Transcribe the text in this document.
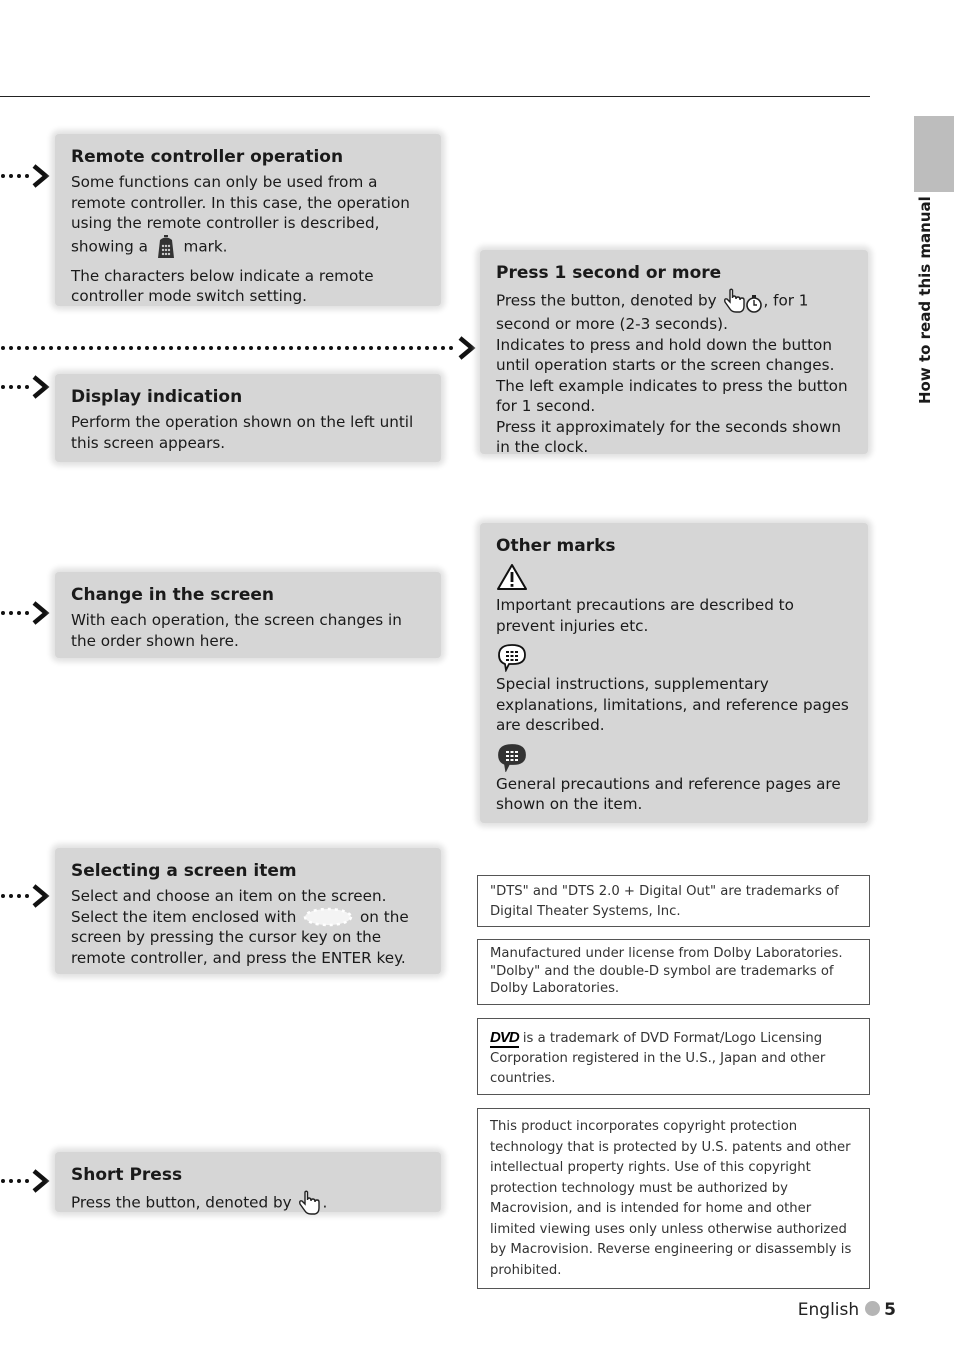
How to read this manual
Remote controller operation

Some functions can only be used from a remote controller. In this case, the operation using the remote controller is described, showing a mark.

The characters below indicate a remote controller mode switch setting.

Display indication

Perform the operation shown on the left until this screen appears.

Change in the screen

With each operation, the screen changes in the order shown here.

Selecting a screen item

Select and choose an item on the screen.
Select the item enclosed with	on the screen by pressing the cursor key on the remote controller, and press the ENTER key.

Short Press

Press the button, denoted by .

Press 1 second or more

Press the button, denoted by	, for 1 second or more (2-3 seconds).

Indicates to press and hold down the button until operation starts or the screen changes. The left example indicates to press the button for 1 second.

Press it approximately for the seconds shown in the clock.

Other marks

Important precautions are described to prevent injuries etc.

Special instructions, supplementary explanations, limitations, and reference pages are described.

General precautions and reference pages are shown on the item.

"DTS" and "DTS 2.0 + Digital Out" are trademarks of Digital Theater Systems, Inc.
Manufactured under license from Dolby Laboratories. "Dolby" and the double-D symbol are trademarks of Dolby Laboratories.
DVD is a trademark of DVD Format/Logo Licensing Corporation registered in the U.S., Japan and other countries.
This product incorporates copyright protection technology that is protected by U.S. patents and other intellectual property rights. Use of this copyright protection technology must be authorized by Macrovision, and is intended for home and other limited viewing uses only unless otherwise authorized by Macrovision. Reverse engineering or disassembly is prohibited.
English 5
